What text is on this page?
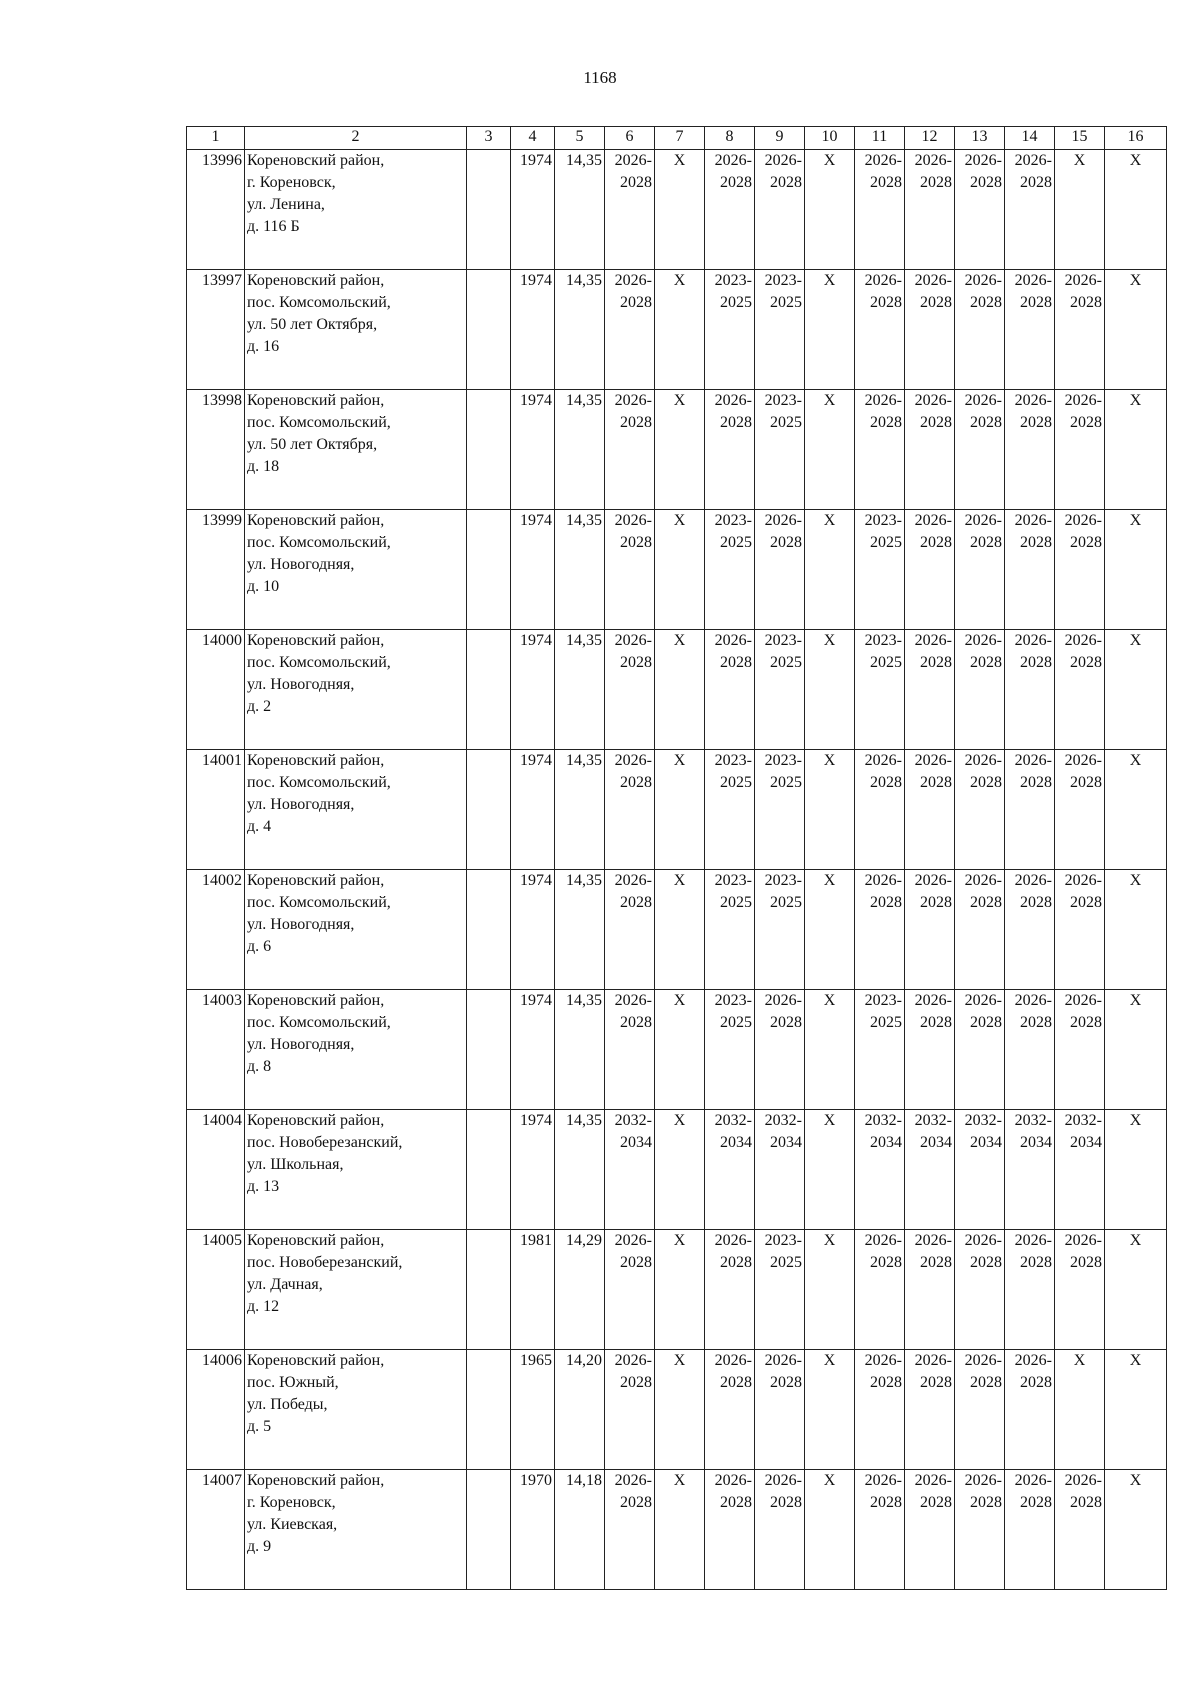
1168
1	2	3	4	5	6	7	8	9	10	11	12	13	14	15	16
13996	Кореновский район,
г. Кореновск,
ул. Ленина,
д. 116 Б		1974	14,35	2026-
2028	X	2026-
2028	2026-
2028	X	2026-
2028	2026-
2028	2026-
2028	2026-
2028	X	X

13997	Кореновский район,
пос. Комсомольский,
ул. 50 лет Октября,
д. 16		1974	14,35	2026-
2028	X	2023-
2025	2023-
2025	X	2026-
2028	2026-
2028	2026-
2028	2026-
2028	2026-
2028	X

13998	Кореновский район,
пос. Комсомольский,
ул. 50 лет Октября,
д. 18		1974	14,35	2026-
2028	X	2026-
2028	2023-
2025	X	2026-
2028	2026-
2028	2026-
2028	2026-
2028	2026-
2028	X

13999	Кореновский район,
пос. Комсомольский,
ул. Новогодняя,
д. 10		1974	14,35	2026-
2028	X	2023-
2025	2026-
2028	X	2023-
2025	2026-
2028	2026-
2028	2026-
2028	2026-
2028	X

14000	Кореновский район,
пос. Комсомольский,
ул. Новогодняя,
д. 2		1974	14,35	2026-
2028	X	2026-
2028	2023-
2025	X	2023-
2025	2026-
2028	2026-
2028	2026-
2028	2026-
2028	X

14001	Кореновский район,
пос. Комсомольский,
ул. Новогодняя,
д. 4		1974	14,35	2026-
2028	X	2023-
2025	2023-
2025	X	2026-
2028	2026-
2028	2026-
2028	2026-
2028	2026-
2028	X

14002	Кореновский район,
пос. Комсомольский,
ул. Новогодняя,
д. 6		1974	14,35	2026-
2028	X	2023-
2025	2023-
2025	X	2026-
2028	2026-
2028	2026-
2028	2026-
2028	2026-
2028	X

14003	Кореновский район,
пос. Комсомольский,
ул. Новогодняя,
д. 8		1974	14,35	2026-
2028	X	2023-
2025	2026-
2028	X	2023-
2025	2026-
2028	2026-
2028	2026-
2028	2026-
2028	X

14004	Кореновский район,
пос. Новоберезанский,
ул. Школьная,
д. 13		1974	14,35	2032-
2034	X	2032-
2034	2032-
2034	X	2032-
2034	2032-
2034	2032-
2034	2032-
2034	2032-
2034	X

14005	Кореновский район,
пос. Новоберезанский,
ул. Дачная,
д. 12		1981	14,29	2026-
2028	X	2026-
2028	2023-
2025	X	2026-
2028	2026-
2028	2026-
2028	2026-
2028	2026-
2028	X

14006	Кореновский район,
пос. Южный,
ул. Победы,
д. 5		1965	14,20	2026-
2028	X	2026-
2028	2026-
2028	X	2026-
2028	2026-
2028	2026-
2028	2026-
2028	X	X

14007	Кореновский район,
г. Кореновск,
ул. Киевская,
д. 9		1970	14,18	2026-
2028	X	2026-
2028	2026-
2028	X	2026-
2028	2026-
2028	2026-
2028	2026-
2028	2026-
2028	X
